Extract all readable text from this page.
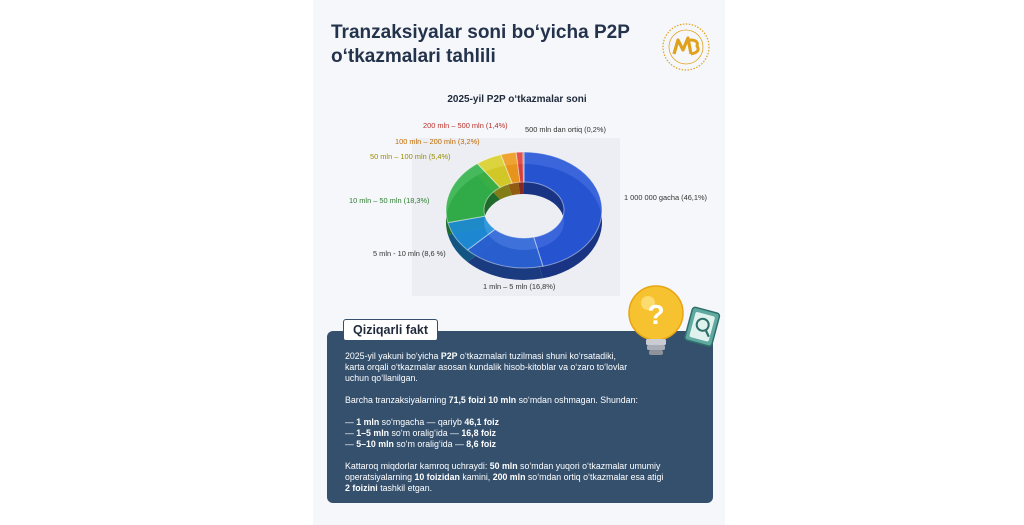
Tranzaksiyalar soni bo‘yicha P2P
o‘tkazmalari tahlili
2025-yil P2P o‘tkazmalar soni
1 000 000 gacha (46,1%)
1 mln – 5 mln (16,8%)
5 mln - 10 mln (8,6 %)
10 mln – 50 mln (18,3%)
50 mln – 100 mln (5,4%)
100 mln – 200 mln (3,2%)
200 mln – 500 mln (1,4%) 500 mln dan ortiq (0,2%)
Qiziqarli fakt

2025-yil yakuni bo‘yicha P2P o‘tkazmalari tuzilmasi shuni ko‘rsatadiki,
karta orqali o‘tkazmalar asosan kundalik hisob-kitoblar va o‘zaro to‘lovlar
uchun qo‘llanilgan.

Barcha tranzaksiyalarning 71,5 foizi 10 mln so‘mdan oshmagan. Shundan:

— 1 mln so‘mgacha — qariyb 46,1 foiz

— 1–5 mln so‘m oralig‘ida — 16,8 foiz

— 5–10 mln so‘m oralig‘ida — 8,6 foiz

Kattaroq miqdorlar kamroq uchraydi: 50 mln so‘mdan yuqori o‘tkazmalar umumiy
operatsiyalarning 10 foizidan kamini, 200 mln so‘mdan ortiq o‘tkazmalar esa atigi
2 foizini tashkil etgan.

?
